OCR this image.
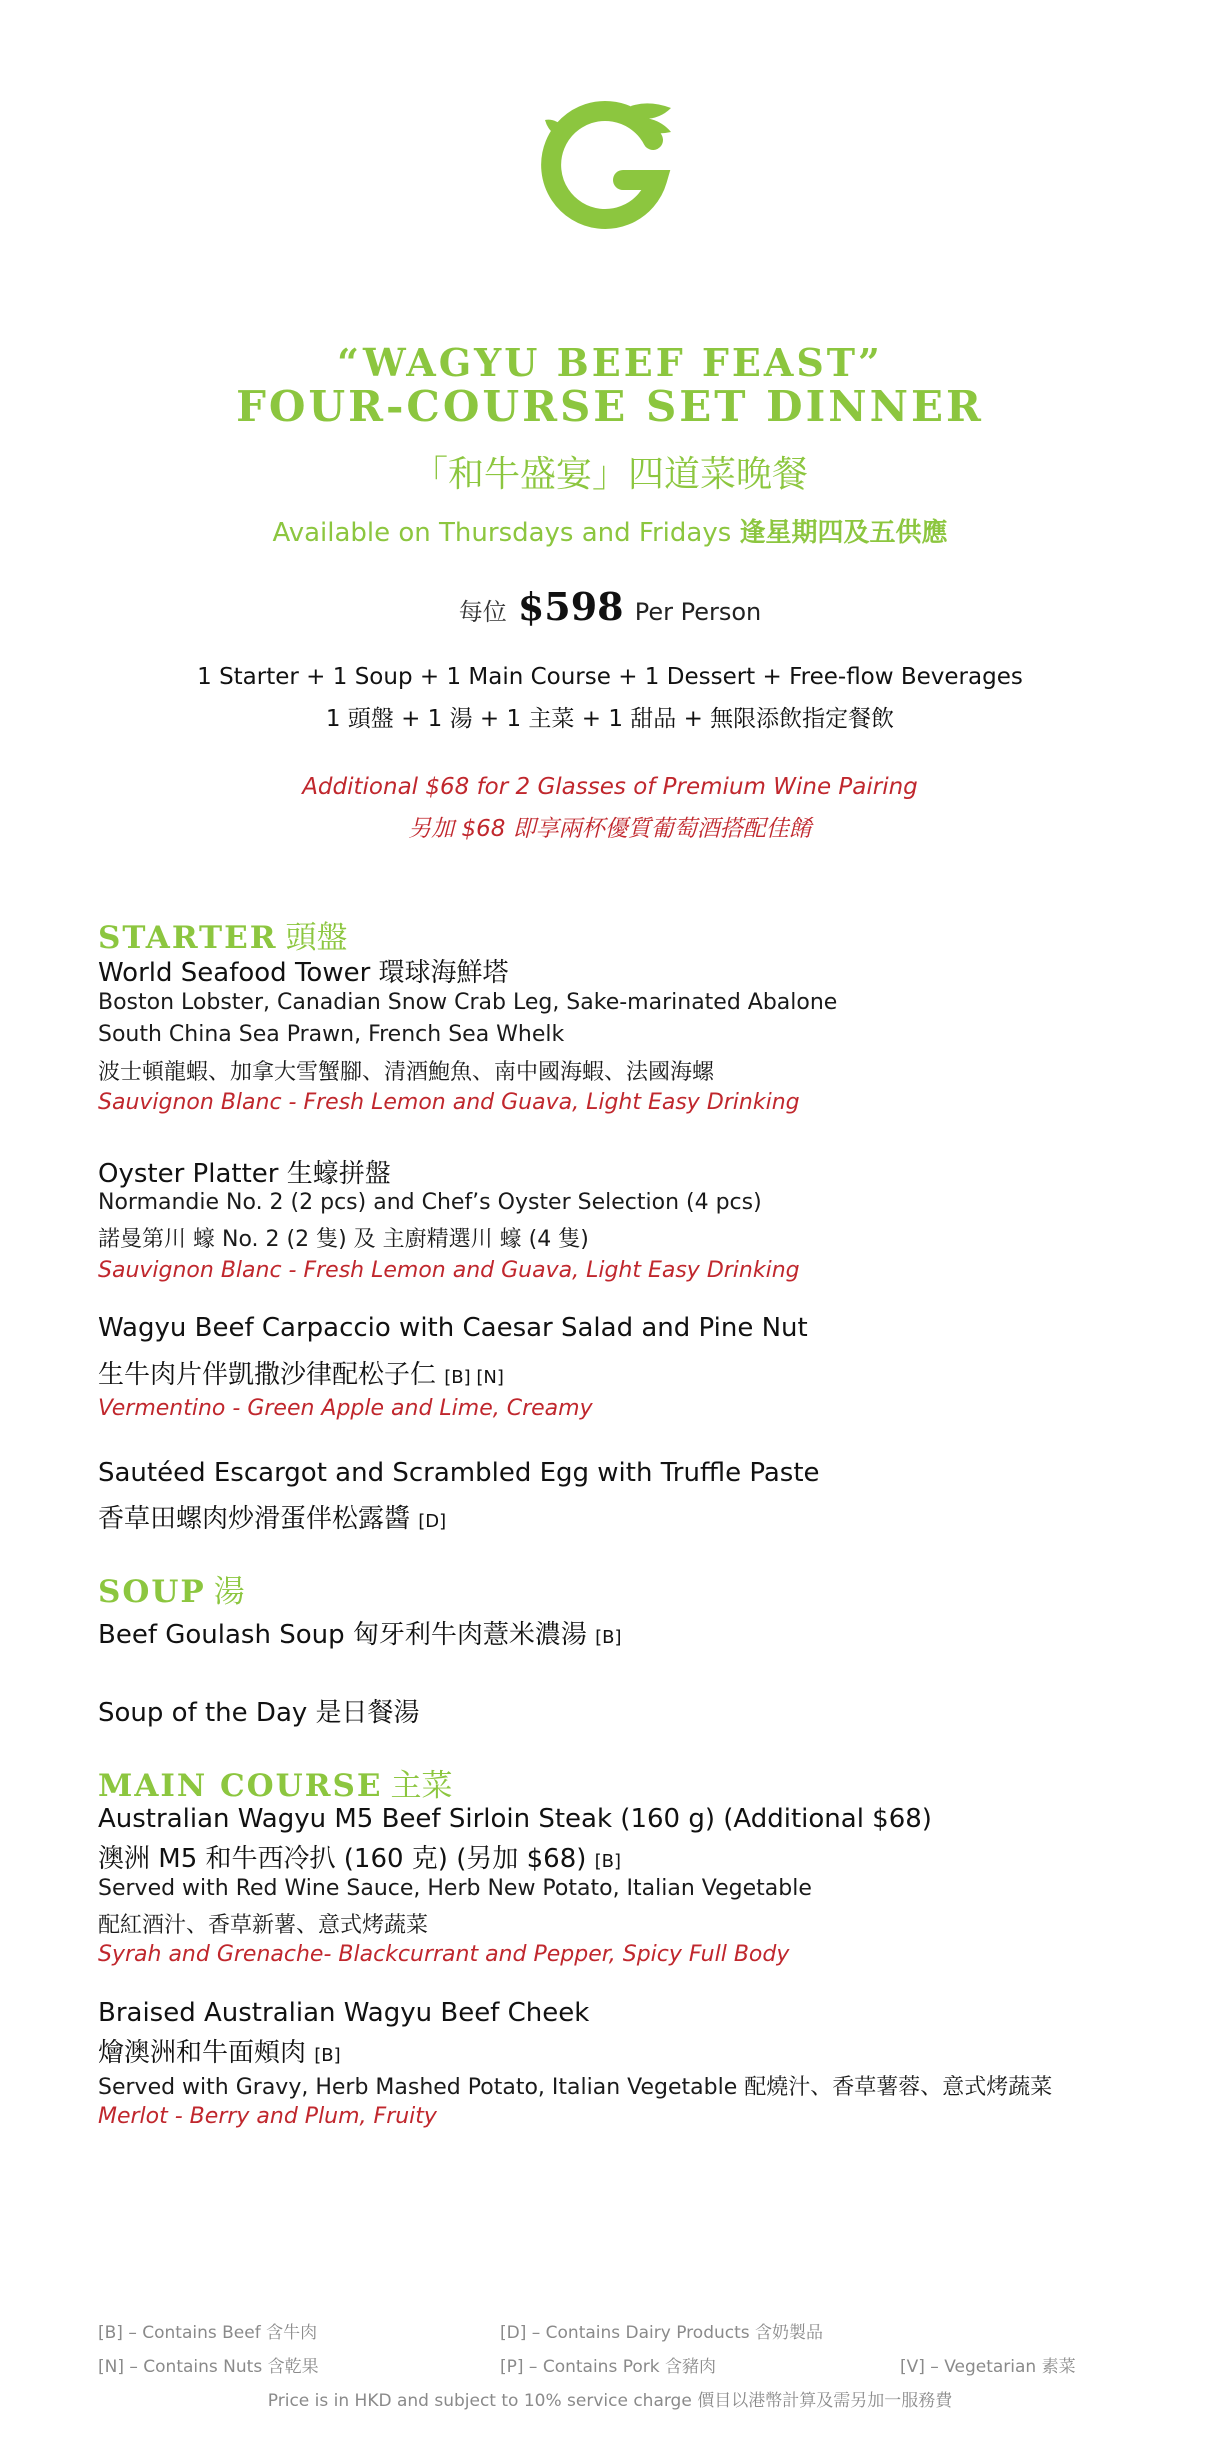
“WAGYU BEEF FEAST”
FOUR-COURSE SET DINNER
「和牛盛宴」四道菜晚餐
Available on Thursdays and Fridays 逢星期四及五供應
每位 $598 Per Person
1 Starter + 1 Soup + 1 Main Course + 1 Dessert + Free-flow Beverages
1 頭盤 + 1 湯 + 1 主菜 + 1 甜品 + 無限添飲指定餐飲
Additional $68 for 2 Glasses of Premium Wine Pairing
另加 $68 即享兩杯優質葡萄酒搭配佳餚
STARTER 頭盤
World Seafood Tower 環球海鮮塔
Boston Lobster, Canadian Snow Crab Leg, Sake-marinated Abalone
South China Sea Prawn, French Sea Whelk
波士頓龍蝦、加拿大雪蟹腳、清酒鮑魚、南中國海蝦、法國海螺
Sauvignon Blanc - Fresh Lemon and Guava, Light Easy Drinking
Oyster Platter 生蠔拼盤
Normandie No. 2 (2 pcs) and Chef’s Oyster Selection (4 pcs)
諾曼第川 蠔 No. 2 (2 隻) 及 主廚精選川 蠔 (4 隻)
Sauvignon Blanc - Fresh Lemon and Guava, Light Easy Drinking
Wagyu Beef Carpaccio with Caesar Salad and Pine Nut
生牛肉片伴凱撒沙律配松子仁 [B] [N]
Vermentino - Green Apple and Lime, Creamy
Sautéed Escargot and Scrambled Egg with Truffle Paste
香草田螺肉炒滑蛋伴松露醬 [D]
SOUP 湯
Beef Goulash Soup 匈牙利牛肉薏米濃湯 [B]
Soup of the Day 是日餐湯
MAIN COURSE 主菜
Australian Wagyu M5 Beef Sirloin Steak (160 g) (Additional $68)
澳洲 M5 和牛西冷扒 (160 克) (另加 $68) [B]
Served with Red Wine Sauce, Herb New Potato, Italian Vegetable
配紅酒汁、香草新薯、意式烤蔬菜
Syrah and Grenache- Blackcurrant and Pepper, Spicy Full Body
Braised Australian Wagyu Beef Cheek
燴澳洲和牛面頰肉 [B]
Served with Gravy, Herb Mashed Potato, Italian Vegetable 配燒汁、香草薯蓉、意式烤蔬菜
Merlot - Berry and Plum, Fruity
[B] – Contains Beef 含牛肉
[N] – Contains Nuts 含乾果
[D] – Contains Dairy Products 含奶製品
[P] – Contains Pork 含豬肉	[V] – Vegetarian 素菜
Price is in HKD and subject to 10% service charge 價目以港幣計算及需另加一服務費
